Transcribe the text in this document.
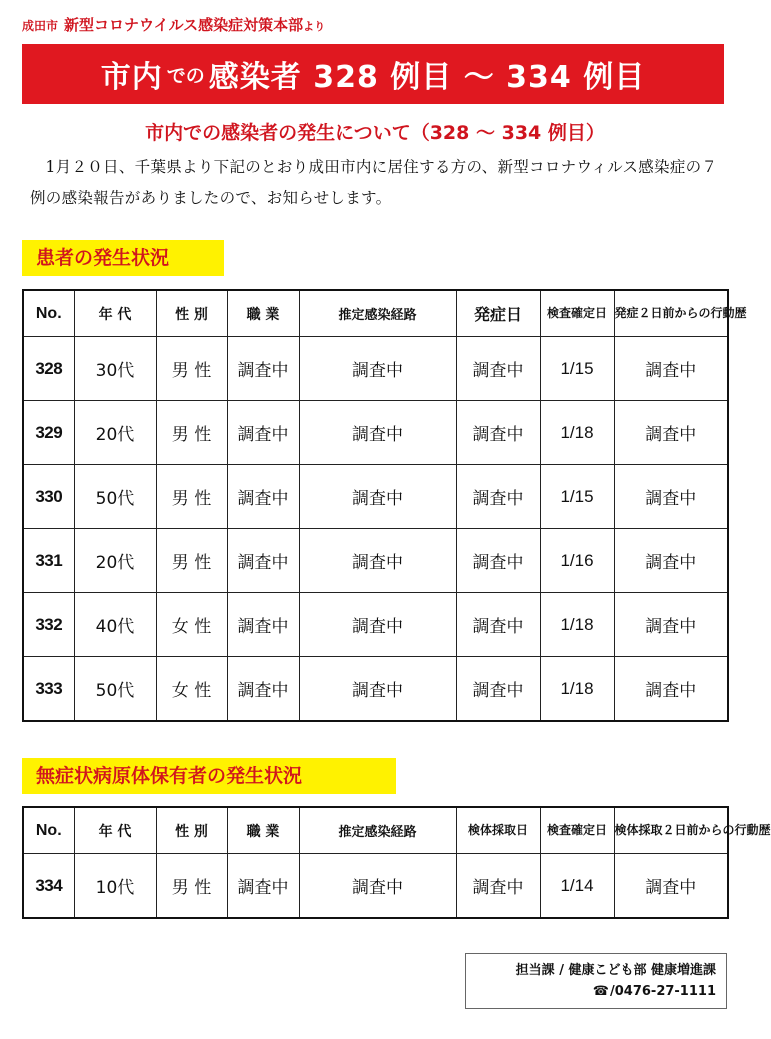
成田市 新型コロナウイルス感染症対策本部 より
市内 での 感染者 328 例目 ～ 334 例目
市内での感染者の発生について（328 ～ 334 例目）
1月２０日、千葉県より下記のとおり成田市内に居住する方の、新型コロナウィルス感染症の７例の感染報告がありましたので、お知らせします。
患者の発生状況
No.	年 代	性 別	職 業	推定感染経路	発症日	検査確定日	発症２日前からの行動歴
328	30代	男 性	調査中	調査中	調査中	1/15	調査中
329	20代	男 性	調査中	調査中	調査中	1/18	調査中
330	50代	男 性	調査中	調査中	調査中	1/15	調査中
331	20代	男 性	調査中	調査中	調査中	1/16	調査中
332	40代	女 性	調査中	調査中	調査中	1/18	調査中
333	50代	女 性	調査中	調査中	調査中	1/18	調査中
無症状病原体保有者の発生状況
No.	年 代	性 別	職 業	推定感染経路	検体採取日	検査確定日	検体採取２日前からの行動歴
334	10代	男 性	調査中	調査中	調査中	1/14	調査中
担当課 / 健康こども部 健康増進課
☎/0476-27-1111
